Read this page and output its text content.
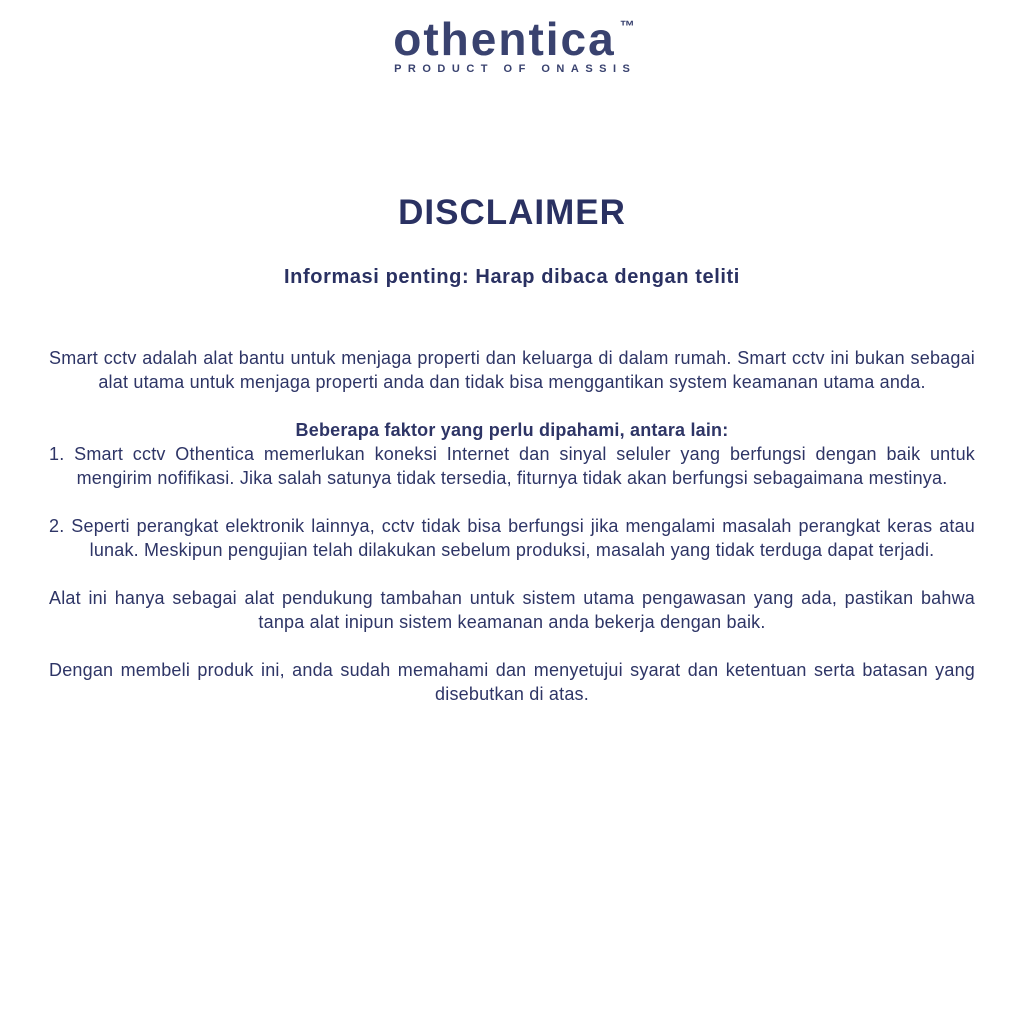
othentica ™
PRODUCT OF ONASSIS
DISCLAIMER
Informasi penting: Harap dibaca dengan teliti

Smart cctv adalah alat bantu untuk menjaga properti dan keluarga di dalam rumah. Smart cctv ini bukan sebagai alat utama untuk menjaga properti anda dan tidak bisa menggantikan system keamanan utama anda.

Beberapa faktor yang perlu dipahami, antara lain:

1. Smart cctv Othentica memerlukan koneksi Internet dan sinyal seluler yang berfungsi dengan baik untuk mengirim nofifikasi. Jika salah satunya tidak tersedia, fiturnya tidak akan berfungsi sebagaimana mestinya.

2. Seperti perangkat elektronik lainnya, cctv tidak bisa berfungsi jika mengalami masalah perangkat keras atau lunak. Meskipun pengujian telah dilakukan sebelum produksi, masalah yang tidak terduga dapat terjadi.

Alat ini hanya sebagai alat pendukung tambahan untuk sistem utama pengawasan yang ada, pastikan bahwa tanpa alat inipun sistem keamanan anda bekerja dengan baik.

Dengan membeli produk ini, anda sudah memahami dan menyetujui syarat dan ketentuan serta batasan yang disebutkan di atas.
